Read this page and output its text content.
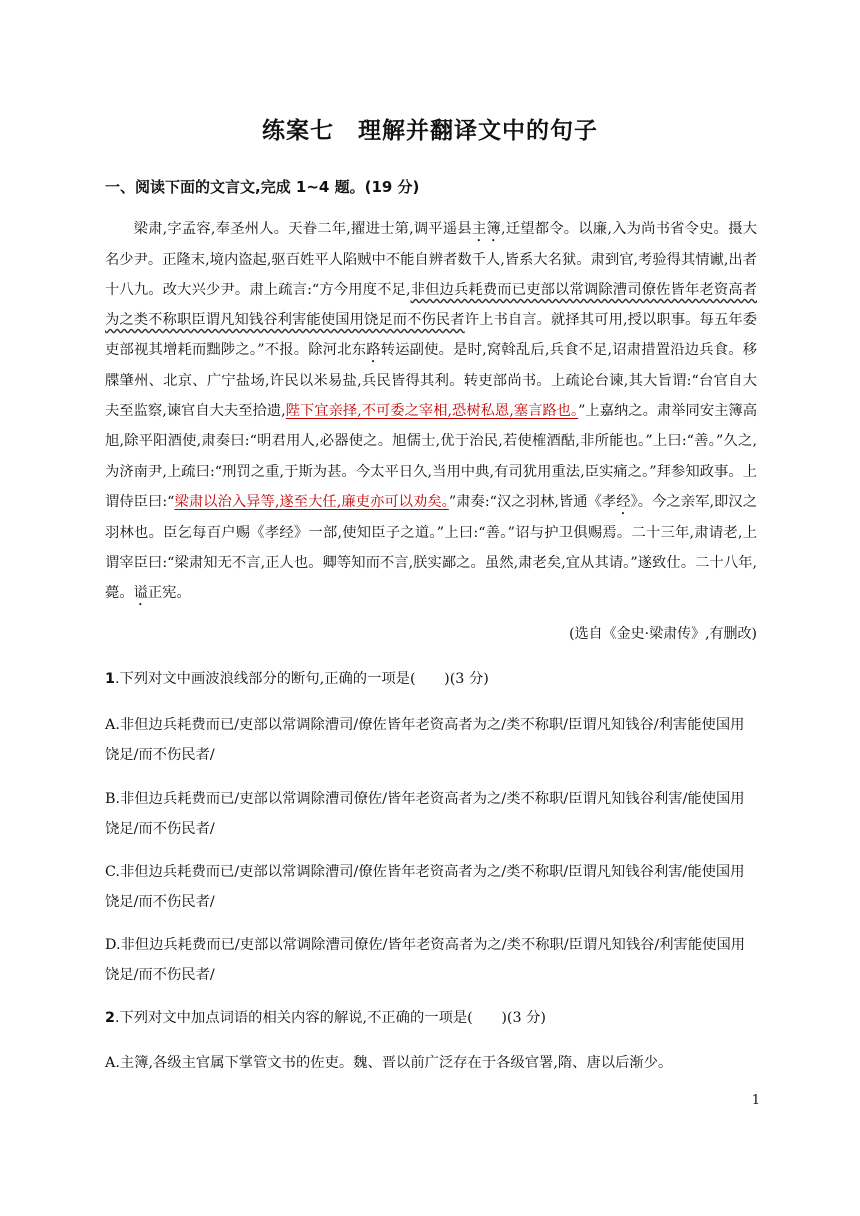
练案七　理解并翻译文中的句子
一、阅读下面的文言文,完成 1~4 题。(19 分)

梁肃,字孟容,奉圣州人。天眷二年,擢进士第,调平遥县主簿,迁望都令。以廉,入为尚书省令史。摄大名少尹。正隆末,境内盗起,驱百姓平人陷贼中不能自辨者数千人,皆系大名狱。肃到官,考验得其情谳,出者十八九。改大兴少尹。肃上疏言:“方今用度不足,非但边兵耗费而已吏部以常调除漕司僚佐皆年老资高者为之类不称职臣谓凡知钱谷利害能使国用饶足而不伤民者许上书自言。就择其可用,授以职事。每五年委吏部视其增耗而黜陟之。”不报。除河北东路转运副使。是时,窝斡乱后,兵食不足,诏肃措置沿边兵食。移牒肇州、北京、广宁盐场,许民以米易盐,兵民皆得其利。转吏部尚书。上疏论台谏,其大旨谓:“台官自大夫至监察,谏官自大夫至拾遗,陛下宜亲择,不可委之宰相,恐树私恩,塞言路也。”上嘉纳之。肃举同安主簿高旭,除平阳酒使,肃奏曰:“明君用人,必器使之。旭儒士,优于治民,若使榷酒酤,非所能也。”上曰:“善。”久之,为济南尹,上疏曰:“刑罚之重,于斯为甚。今太平日久,当用中典,有司犹用重法,臣实痛之。”拜参知政事。上谓侍臣曰:“梁肃以治入异等,遂至大任,廉吏亦可以劝矣。”肃奏:“汉之羽林,皆通《孝经》。今之亲军,即汉之羽林也。臣乞每百户赐《孝经》一部,使知臣子之道。”上曰:“善。”诏与护卫俱赐焉。二十三年,肃请老,上谓宰臣曰:“梁肃知无不言,正人也。卿等知而不言,朕实鄙之。虽然,肃老矣,宜从其请。”遂致仕。二十八年,薨。谥正宪。

(选自《金史·梁肃传》,有删改)
1.下列对文中画波浪线部分的断句,正确的一项是(　　)(3 分)
A.非但边兵耗费而已/吏部以常调除漕司/僚佐皆年老资高者为之/类不称职/臣谓凡知钱谷/利害能使国用饶足/而不伤民者/
B.非但边兵耗费而已/吏部以常调除漕司僚佐/皆年老资高者为之/类不称职/臣谓凡知钱谷利害/能使国用饶足/而不伤民者/
C.非但边兵耗费而已/吏部以常调除漕司/僚佐皆年老资高者为之/类不称职/臣谓凡知钱谷利害/能使国用饶足/而不伤民者/
D.非但边兵耗费而已/吏部以常调除漕司僚佐/皆年老资高者为之/类不称职/臣谓凡知钱谷/利害能使国用饶足/而不伤民者/
2.下列对文中加点词语的相关内容的解说,不正确的一项是(　　)(3 分)
A.主簿,各级主官属下掌管文书的佐吏。魏、晋以前广泛存在于各级官署,隋、唐以后渐少。
1
